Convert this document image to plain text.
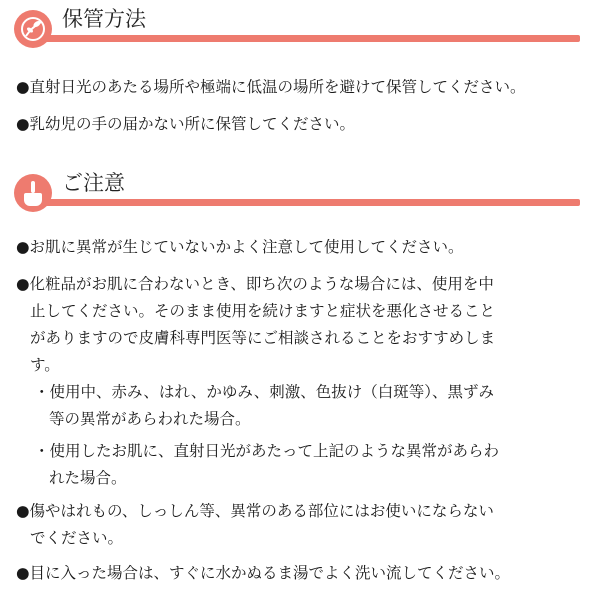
保管方法
●直射日光のあたる場所や極端に低温の場所を避けて保管してください。
●乳幼児の手の届かない所に保管してください。
ご注意
●お肌に異常が生じていないかよく注意して使用してください。
●化粧品がお肌に合わないとき、即ち次のような場合には、使用を中
止してください。そのまま使用を続けますと症状を悪化させること
がありますので皮膚科専門医等にご相談されることをおすすめしま
す。
・使用中、赤み、はれ、かゆみ、刺激、色抜け（白斑等）、黒ずみ
等の異常があらわれた場合。
・使用したお肌に、直射日光があたって上記のような異常があらわ
れた場合。
●傷やはれもの、しっしん等、異常のある部位にはお使いにならない
でください。
●目に入った場合は、すぐに水かぬるま湯でよく洗い流してください。
